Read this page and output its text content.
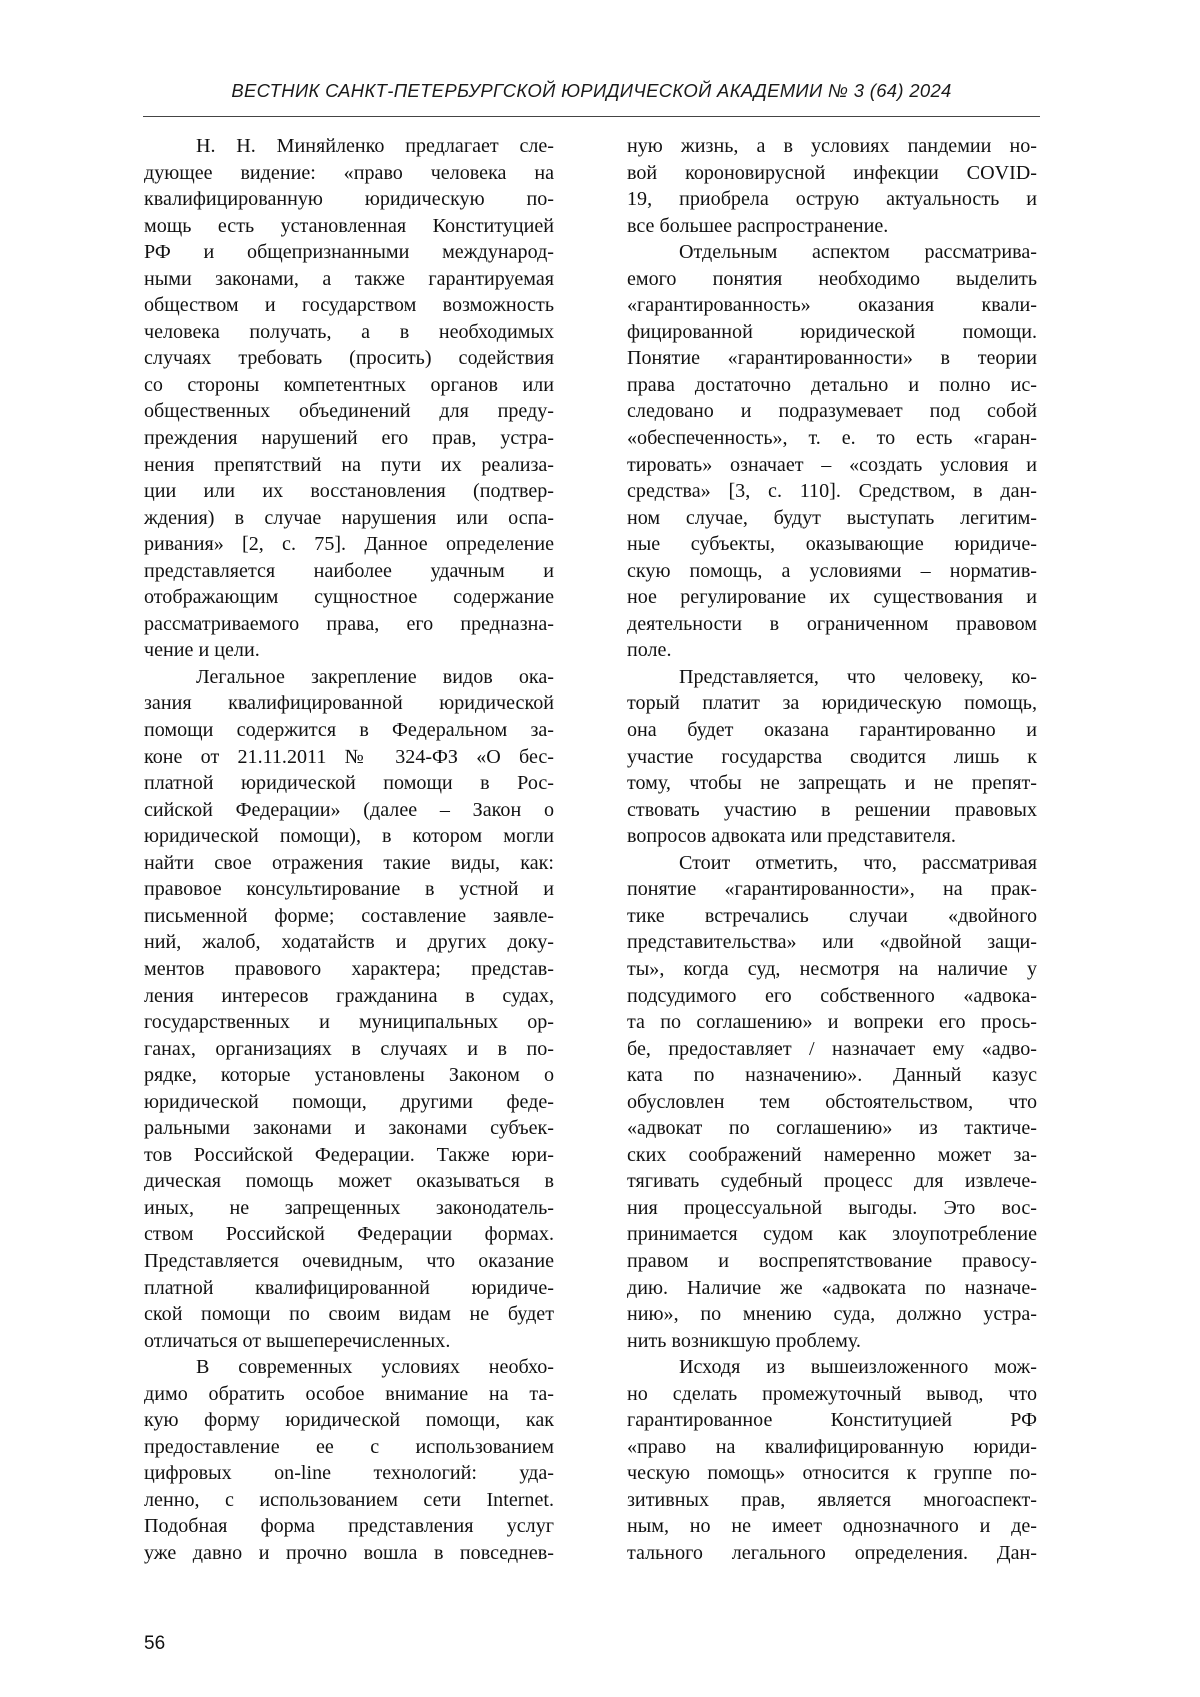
ВЕСТНИК САНКТ-ПЕТЕРБУРГСКОЙ ЮРИДИЧЕСКОЙ АКАДЕМИИ № 3 (64) 2024

Н. Н. Миняйленко предлагает сле-
дующее видение: «право человека на
квалифицированную юридическую по-
мощь есть установленная Конституцией
РФ и общепризнанными международ-
ными законами, а также гарантируемая
обществом и государством возможность
человека получать, а в необходимых
случаях требовать (просить) содействия
со стороны компетентных органов или
общественных объединений для преду-
преждения нарушений его прав, устра-
нения препятствий на пути их реализа-
ции или их восстановления (подтвер-
ждения) в случае нарушения или оспа-
ривания» [2, с. 75]. Данное определение
представляется наиболее удачным и
отображающим сущностное содержание
рассматриваемого права, его предназна-
чение и цели.

Легальное закрепление видов ока-
зания квалифицированной юридической
помощи содержится в Федеральном за-
коне от 21.11.2011 № 324-ФЗ «О бес-
платной юридической помощи в Рос-
сийской Федерации» (далее – Закон о
юридической помощи), в котором могли
найти свое отражения такие виды, как:
правовое консультирование в устной и
письменной форме; составление заявле-
ний, жалоб, ходатайств и других доку-
ментов правового характера; представ-
ления интересов гражданина в судах,
государственных и муниципальных ор-
ганах, организациях в случаях и в по-
рядке, которые установлены Законом о
юридической помощи, другими феде-
ральными законами и законами субъек-
тов Российской Федерации. Также юри-
дическая помощь может оказываться в
иных, не запрещенных законодатель-
ством Российской Федерации формах.
Представляется очевидным, что оказание
платной квалифицированной юридиче-
ской помощи по своим видам не будет
отличаться от вышеперечисленных.

В современных условиях необхо-
димо обратить особое внимание на та-
кую форму юридической помощи, как
предоставление ее с использованием
цифровых on-line технологий: уда-
ленно, с использованием сети Internet.
Подобная форма представления услуг
уже давно и прочно вошла в повседнев-

ную жизнь, а в условиях пандемии но-
вой короновирусной инфекции COVID-
19, приобрела острую актуальность и
все большее распространение.

Отдельным аспектом рассматрива-
емого понятия необходимо выделить
«гарантированность» оказания квали-
фицированной юридической помощи.
Понятие «гарантированности» в теории
права достаточно детально и полно ис-
следовано и подразумевает под собой
«обеспеченность», т. е. то есть «гаран-
тировать» означает – «создать условия и
средства» [3, с. 110]. Средством, в дан-
ном случае, будут выступать легитим-
ные субъекты, оказывающие юридиче-
скую помощь, а условиями – норматив-
ное регулирование их существования и
деятельности в ограниченном правовом
поле.

Представляется, что человеку, ко-
торый платит за юридическую помощь,
она будет оказана гарантированно и
участие государства сводится лишь к
тому, чтобы не запрещать и не препят-
ствовать участию в решении правовых
вопросов адвоката или представителя.

Стоит отметить, что, рассматривая
понятие «гарантированности», на прак-
тике встречались случаи «двойного
представительства» или «двойной защи-
ты», когда суд, несмотря на наличие у
подсудимого его собственного «адвока-
та по соглашению» и вопреки его прось-
бе, предоставляет / назначает ему «адво-
ката по назначению». Данный казус
обусловлен тем обстоятельством, что
«адвокат по соглашению» из тактиче-
ских соображений намеренно может за-
тягивать судебный процесс для извлече-
ния процессуальной выгоды. Это вос-
принимается судом как злоупотребление
правом и воспрепятствование правосу-
дию. Наличие же «адвоката по назначе-
нию», по мнению суда, должно устра-
нить возникшую проблему.

Исходя из вышеизложенного мож-
но сделать промежуточный вывод, что
гарантированное Конституцией РФ
«право на квалифицированную юриди-
ческую помощь» относится к группе по-
зитивных прав, является многоаспект-
ным, но не имеет однозначного и де-
тального легального определения. Дан-

56
